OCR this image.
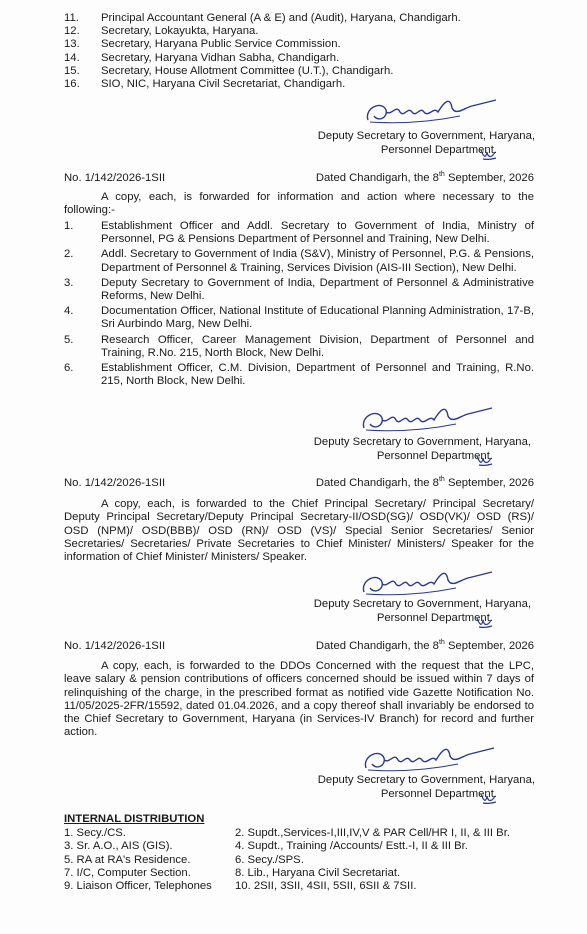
11.	Principal Accountant General (A & E) and (Audit), Haryana, Chandigarh.
12.	Secretary, Lokayukta, Haryana.
13.	Secretary, Haryana Public Service Commission.
14.	Secretary, Haryana Vidhan Sabha, Chandigarh.
15.	Secretary, House Allotment Committee (U.T.), Chandigarh.
16.	SIO, NIC, Haryana Civil Secretariat, Chandigarh.
Deputy Secretary to Government, Haryana,
Personnel Department.
No. 1/142/2026-1SII	Dated Chandigarh, the 8th September, 2026
A copy, each, is forwarded for information and action where necessary to the following:-
1.	Establishment Officer and Addl. Secretary to Government of India, Ministry of Personnel, PG & Pensions Department of Personnel and Training, New Delhi.
2.	Addl. Secretary to Government of India (S&V), Ministry of Personnel, P.G. & Pensions, Department of Personnel & Training, Services Division (AIS-III Section), New Delhi.
3.	Deputy Secretary to Government of India, Department of Personnel & Administrative Reforms, New Delhi.
4.	Documentation Officer, National Institute of Educational Planning Administration, 17-B, Sri Aurbindo Marg, New Delhi.
5.	Research Officer, Career Management Division, Department of Personnel and Training, R.No. 215, North Block, New Delhi.
6.	Establishment Officer, C.M. Division, Department of Personnel and Training, R.No. 215, North Block, New Delhi.
Deputy Secretary to Government, Haryana,
Personnel Department.
No. 1/142/2026-1SII	Dated Chandigarh, the 8th September, 2026
A copy, each, is forwarded to the Chief Principal Secretary/ Principal Secretary/ Deputy Principal Secretary/Deputy Principal Secretary-II/OSD(SG)/ OSD(VK)/ OSD (RS)/ OSD (NPM)/ OSD(BBB)/ OSD (RN)/ OSD (VS)/ Special Senior Secretaries/ Senior Secretaries/ Secretaries/ Private Secretaries to Chief Minister/ Ministers/ Speaker for the information of Chief Minister/ Ministers/ Speaker.
Deputy Secretary to Government, Haryana,
Personnel Department.
No. 1/142/2026-1SII	Dated Chandigarh, the 8th September, 2026
A copy, each, is forwarded to the DDOs Concerned with the request that the LPC, leave salary & pension contributions of officers concerned should be issued within 7 days of relinquishing of the charge, in the prescribed format as notified vide Gazette Notification No. 11/05/2025-2FR/15592, dated 01.04.2026, and a copy thereof shall invariably be endorsed to the Chief Secretary to Government, Haryana (in Services-IV Branch) for record and further action.
Deputy Secretary to Government, Haryana,
Personnel Department.
INTERNAL DISTRIBUTION
1. Secy./CS.	2. Supdt.,Services-I,III,IV,V & PAR Cell/HR I, II, & III Br.
3. Sr. A.O., AIS (GIS).	4. Supdt., Training /Accounts/ Estt.-I, II & III Br.
5. RA at RA's Residence.	6. Secy./SPS.
7. I/C, Computer Section.	8. Lib., Haryana Civil Secretariat.
9. Liaison Officer, Telephones	10. 2SII, 3SII, 4SII, 5SII, 6SII & 7SII.
